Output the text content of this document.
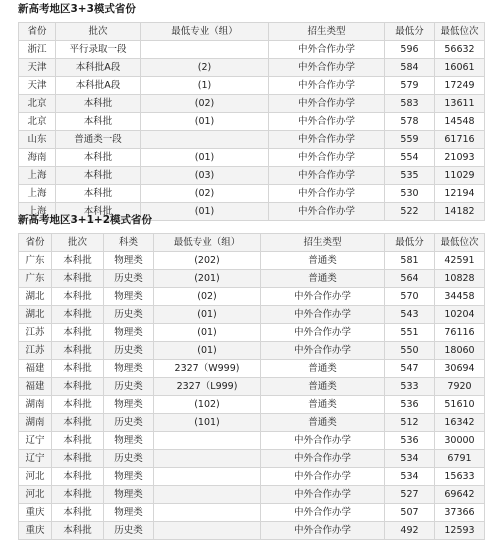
新高考地区3+3模式省份
省份	批次	最低专业（组）	招生类型	最低分	最低位次
浙江	平行录取一段		中外合作办学	596	56632
天津	本科批A段	(2)	中外合作办学	584	16061
天津	本科批A段	(1)	中外合作办学	579	17249
北京	本科批	(02)	中外合作办学	583	13611
北京	本科批	(01)	中外合作办学	578	14548
山东	普通类一段		中外合作办学	559	61716
海南	本科批	(01)	中外合作办学	554	21093
上海	本科批	(03)	中外合作办学	535	11029
上海	本科批	(02)	中外合作办学	530	12194
上海	本科批	(01)	中外合作办学	522	14182
新高考地区3+1+2模式省份
省份	批次	科类	最低专业（组）	招生类型	最低分	最低位次
广东	本科批	物理类	(202)	普通类	581	42591
广东	本科批	历史类	(201)	普通类	564	10828
湖北	本科批	物理类	(02)	中外合作办学	570	34458
湖北	本科批	历史类	(01)	中外合作办学	543	10204
江苏	本科批	物理类	(01)	中外合作办学	551	76116
江苏	本科批	历史类	(01)	中外合作办学	550	18060
福建	本科批	物理类	2327（W999)	普通类	547	30694
福建	本科批	历史类	2327（L999)	普通类	533	7920
湖南	本科批	物理类	(102)	普通类	536	51610
湖南	本科批	历史类	(101)	普通类	512	16342
辽宁	本科批	物理类		中外合作办学	536	30000
辽宁	本科批	历史类		中外合作办学	534	6791
河北	本科批	物理类		中外合作办学	534	15633
河北	本科批	物理类		中外合作办学	527	69642
重庆	本科批	物理类		中外合作办学	507	37366
重庆	本科批	历史类		中外合作办学	492	12593
